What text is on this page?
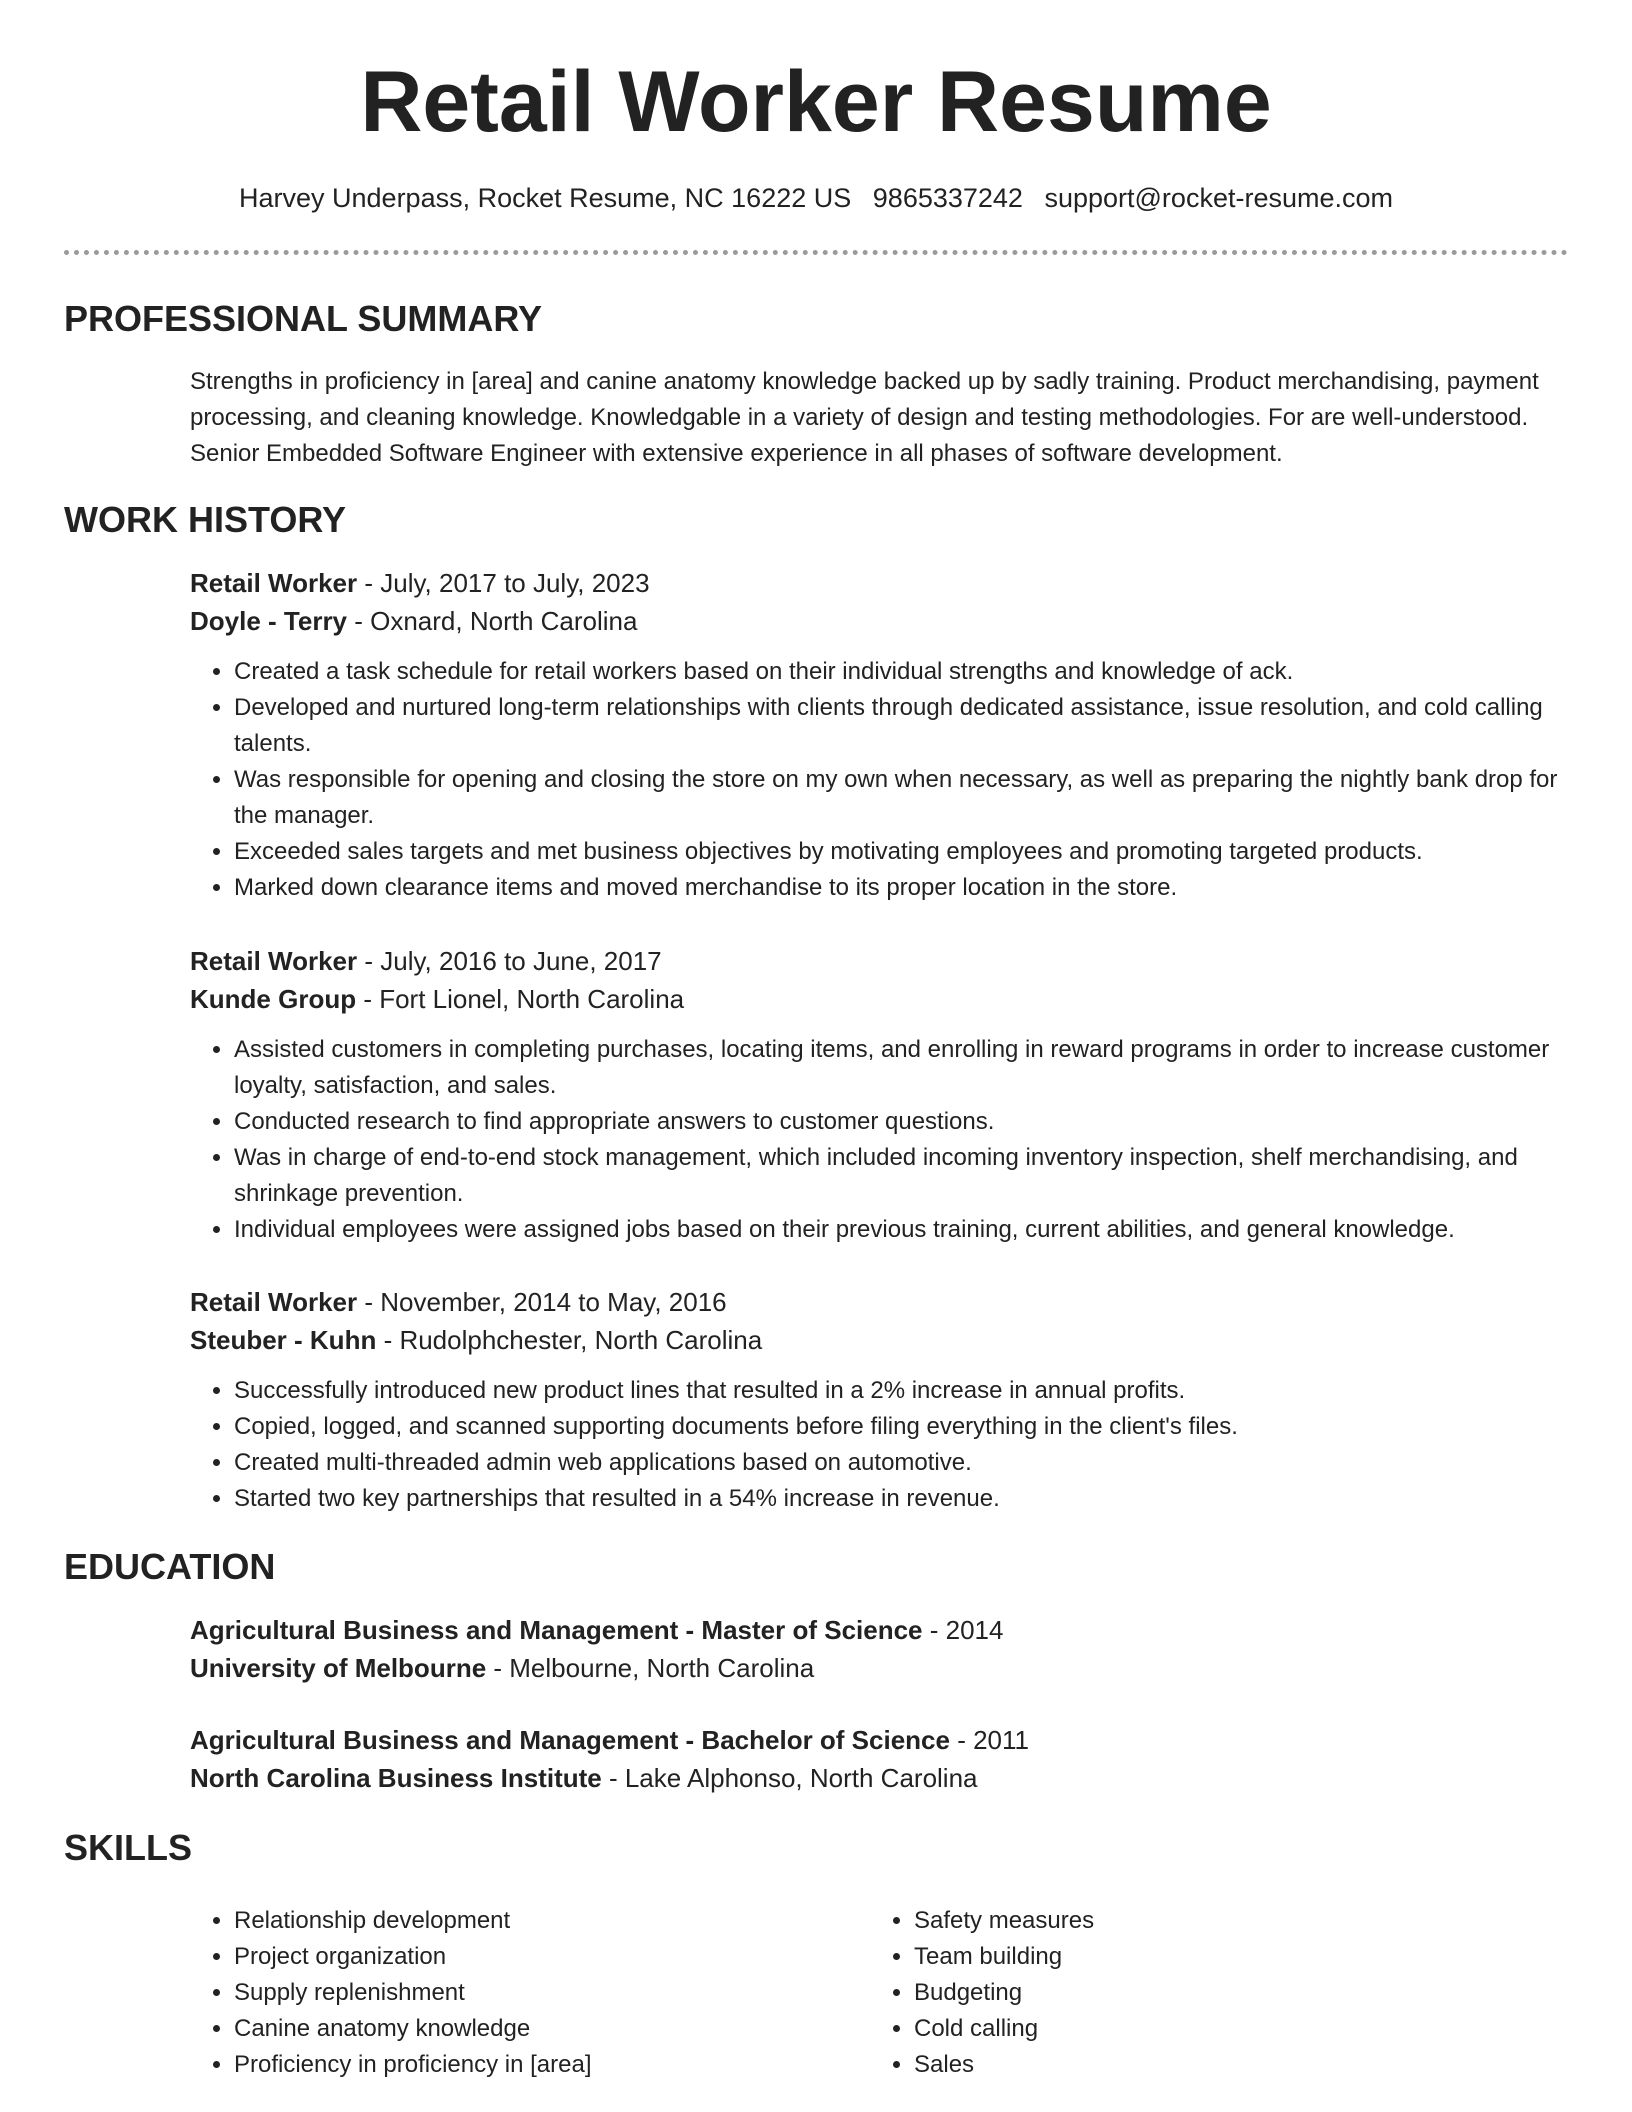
Retail Worker Resume
Harvey Underpass, Rocket Resume, NC 16222 US 9865337242 support@rocket-resume.com
PROFESSIONAL SUMMARY

Strengths in proficiency in [area] and canine anatomy knowledge backed up by sadly training. Product merchandising, payment processing, and cleaning knowledge. Knowledgable in a variety of design and testing methodologies. For are well-understood. Senior Embedded Software Engineer with extensive experience in all phases of software development.

WORK HISTORY
Retail Worker - July, 2017 to July, 2023
Doyle - Terry - Oxnard, North Carolina
• Created a task schedule for retail workers based on their individual strengths and knowledge of ack.
• Developed and nurtured long-term relationships with clients through dedicated assistance, issue resolution, and cold calling talents.
• Was responsible for opening and closing the store on my own when necessary, as well as preparing the nightly bank drop for the manager.
• Exceeded sales targets and met business objectives by motivating employees and promoting targeted products.
• Marked down clearance items and moved merchandise to its proper location in the store.
Retail Worker - July, 2016 to June, 2017
Kunde Group - Fort Lionel, North Carolina
• Assisted customers in completing purchases, locating items, and enrolling in reward programs in order to increase customer loyalty, satisfaction, and sales.
• Conducted research to find appropriate answers to customer questions.
• Was in charge of end-to-end stock management, which included incoming inventory inspection, shelf merchandising, and shrinkage prevention.
• Individual employees were assigned jobs based on their previous training, current abilities, and general knowledge.
Retail Worker - November, 2014 to May, 2016
Steuber - Kuhn - Rudolphchester, North Carolina
• Successfully introduced new product lines that resulted in a 2% increase in annual profits.
• Copied, logged, and scanned supporting documents before filing everything in the client's files.
• Created multi-threaded admin web applications based on automotive.
• Started two key partnerships that resulted in a 54% increase in revenue.
EDUCATION
Agricultural Business and Management - Master of Science - 2014
University of Melbourne - Melbourne, North Carolina
Agricultural Business and Management - Bachelor of Science - 2011
North Carolina Business Institute - Lake Alphonso, North Carolina
SKILLS
• Relationship development
• Project organization
• Supply replenishment
• Canine anatomy knowledge
• Proficiency in proficiency in [area]
• Safety measures
• Team building
• Budgeting
• Cold calling
• Sales
